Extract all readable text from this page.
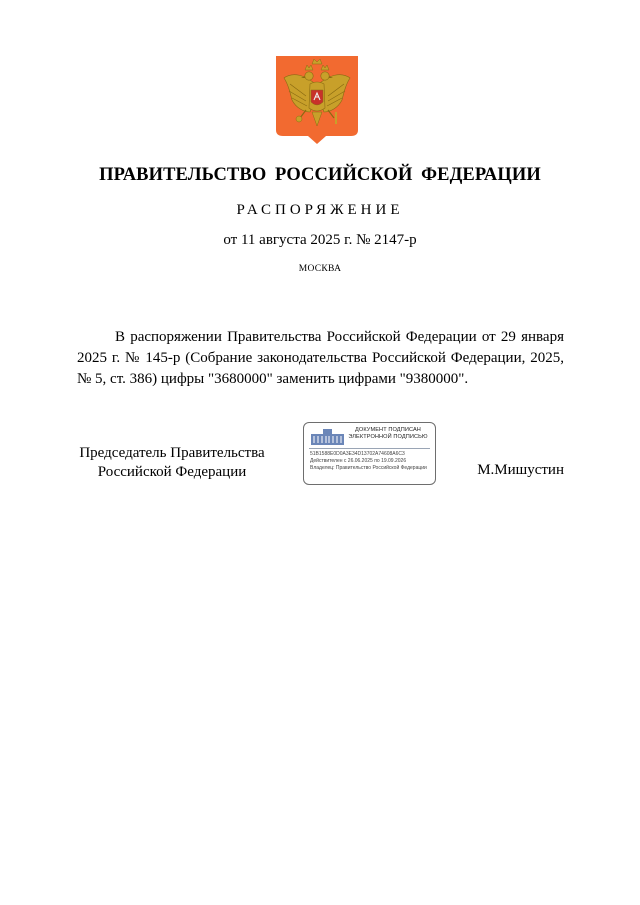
ПРАВИТЕЛЬСТВО РОССИЙСКОЙ ФЕДЕРАЦИИ
РАСПОРЯЖЕНИЕ
от 11 августа 2025 г. № 2147-р
МОСКВА

В распоряжении Правительства Российской Федерации от 29 января 2025 г. № 145-р (Собрание законодательства Российской Федерации, 2025, № 5, ст. 386) цифры "3680000" заменить цифрами "9380000".

Председатель Правительства
Российской Федерации	М.Мишустин
ДОКУМЕНТ ПОДПИСАН
ЭЛЕКТРОННОЙ ПОДПИСЬЮ
51B1588E0D0A3E34D13702A74608A6C3
Действителен с 26.06.2025 по 19.09.2026
Владелец: Правительство Российской Федерации
